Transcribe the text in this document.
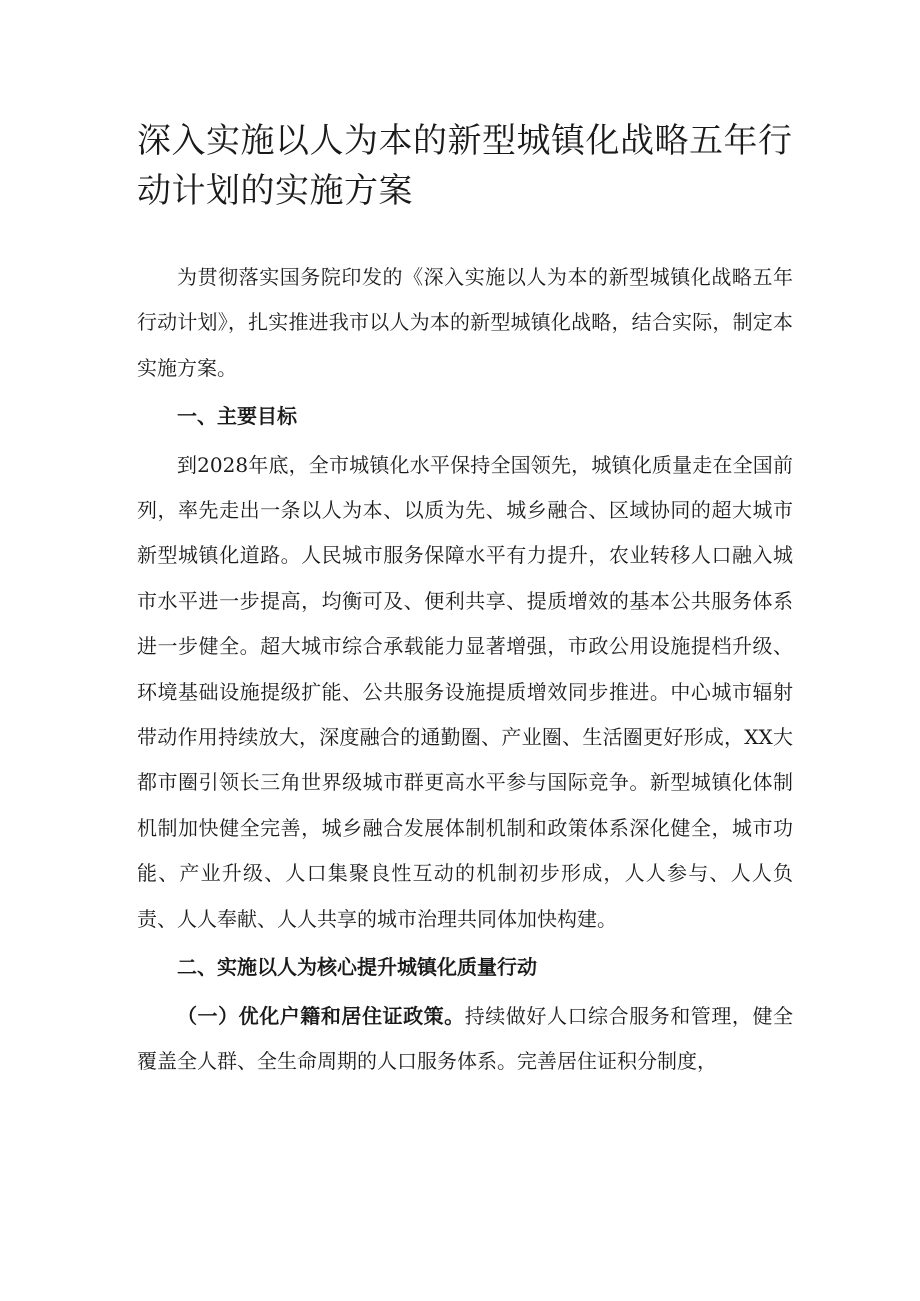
深入实施以人为本的新型城镇化战略五年行动计划的实施方案

为贯彻落实国务院印发的《深入实施以人为本的新型城镇化战略五年行动计划》，扎实推进我市以人为本的新型城镇化战略，结合实际，制定本实施方案。

一、主要目标

到2028年底，全市城镇化水平保持全国领先，城镇化质量走在全国前列，率先走出一条以人为本、以质为先、城乡融合、区域协同的超大城市新型城镇化道路。人民城市服务保障水平有力提升，农业转移人口融入城市水平进一步提高，均衡可及、便利共享、提质增效的基本公共服务体系进一步健全。超大城市综合承载能力显著增强，市政公用设施提档升级、环境基础设施提级扩能、公共服务设施提质增效同步推进。中心城市辐射带动作用持续放大，深度融合的通勤圈、产业圈、生活圈更好形成，XX大都市圈引领长三角世界级城市群更高水平参与国际竞争。新型城镇化体制机制加快健全完善，城乡融合发展体制机制和政策体系深化健全，城市功能、产业升级、人口集聚良性互动的机制初步形成，人人参与、人人负责、人人奉献、人人共享的城市治理共同体加快构建。

二、实施以人为核心提升城镇化质量行动

（一）优化户籍和居住证政策。持续做好人口综合服务和管理，健全覆盖全人群、全生命周期的人口服务体系。完善居住证积分制度，
